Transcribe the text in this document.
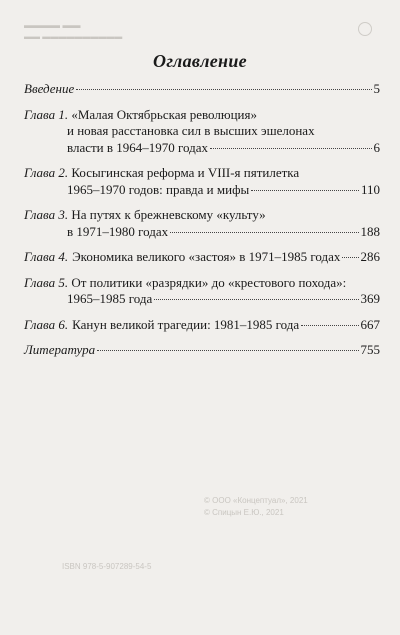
▬▬▬▬ ▬▬
▬▬ ▬▬▬▬▬▬▬▬▬▬
© ООО «Концептуал», 2021
© Спицын Е.Ю., 2021
ISBN 978-5-907289-54-5
Оглавление
Введение	5
Глава 1. «Малая Октябрьская революция»
и новая расстановка сил в высших эшелонах
власти в 1964–1970 годах	6
Глава 2. Косыгинская реформа и VIII-я пятилетка
1965–1970 годов: правда и мифы	110
Глава 3. На путях к брежневскому «культу»
в 1971–1980 годах	188
Глава 4. Экономика великого «застоя» в 1971–1985 годах 286
Глава 5. От политики «разрядки» до «крестового похода»:
1965–1985 года	369
Глава 6. Канун великой трагедии: 1981–1985 года	667
Литература	755
